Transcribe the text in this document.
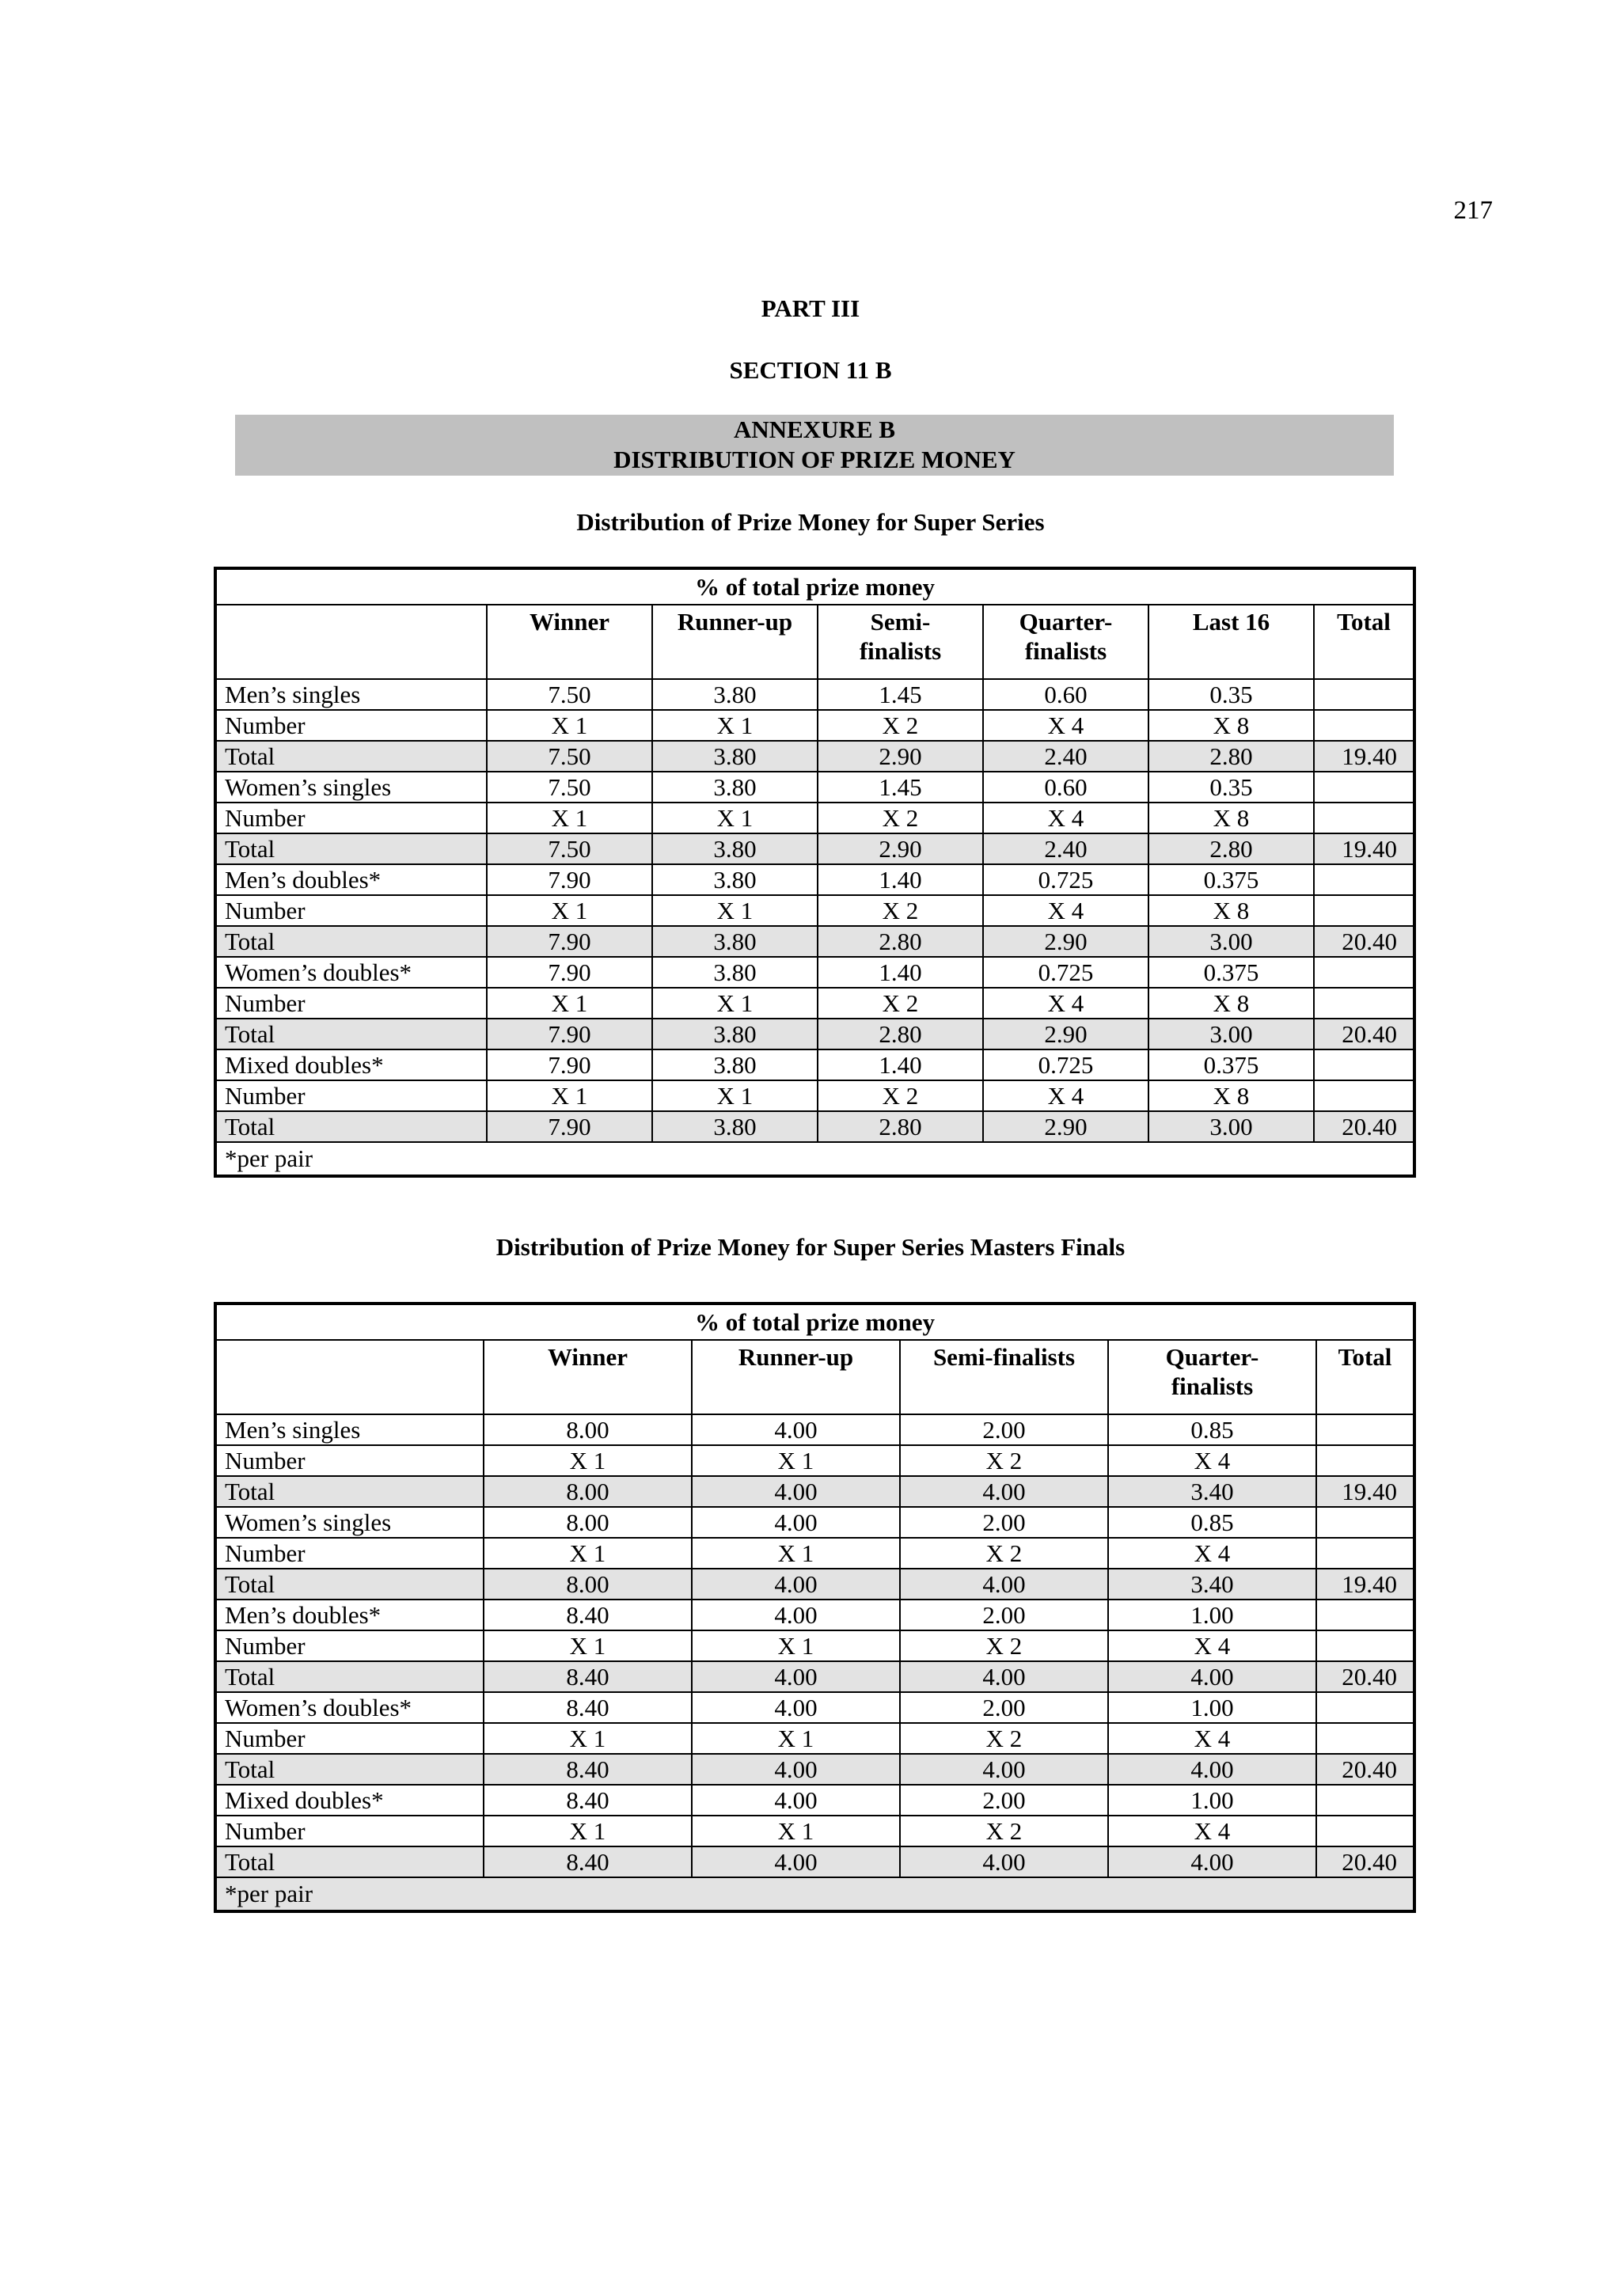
217
PART III
SECTION 11 B
ANNEXURE B
DISTRIBUTION OF PRIZE MONEY
Distribution of Prize Money for Super Series
% of total prize money						
	Winner	Runner-up	Semi-
finalists	Quarter-
finalists	Last 16	Total
Men’s singles	7.50	3.80	1.45	0.60	0.35	
Number	X 1	X 1	X 2	X 4	X 8	
Total	7.50	3.80	2.90	2.40	2.80	19.40
Women’s singles	7.50	3.80	1.45	0.60	0.35	
Number	X 1	X 1	X 2	X 4	X 8	
Total	7.50	3.80	2.90	2.40	2.80	19.40
Men’s doubles*	7.90	3.80	1.40	0.725	0.375	
Number	X 1	X 1	X 2	X 4	X 8	
Total	7.90	3.80	2.80	2.90	3.00	20.40
Women’s doubles*	7.90	3.80	1.40	0.725	0.375	
Number	X 1	X 1	X 2	X 4	X 8	
Total	7.90	3.80	2.80	2.90	3.00	20.40
Mixed doubles*	7.90	3.80	1.40	0.725	0.375	
Number	X 1	X 1	X 2	X 4	X 8	
Total	7.90	3.80	2.80	2.90	3.00	20.40
*per pair						
Distribution of Prize Money for Super Series Masters Finals
% of total prize money					
	Winner	Runner-up	Semi-finalists	Quarter-
finalists	Total
Men’s singles	8.00	4.00	2.00	0.85	
Number	X 1	X 1	X 2	X 4	
Total	8.00	4.00	4.00	3.40	19.40
Women’s singles	8.00	4.00	2.00	0.85	
Number	X 1	X 1	X 2	X 4	
Total	8.00	4.00	4.00	3.40	19.40
Men’s doubles*	8.40	4.00	2.00	1.00	
Number	X 1	X 1	X 2	X 4	
Total	8.40	4.00	4.00	4.00	20.40
Women’s doubles*	8.40	4.00	2.00	1.00	
Number	X 1	X 1	X 2	X 4	
Total	8.40	4.00	4.00	4.00	20.40
Mixed doubles*	8.40	4.00	2.00	1.00	
Number	X 1	X 1	X 2	X 4	
Total	8.40	4.00	4.00	4.00	20.40
*per pair					
